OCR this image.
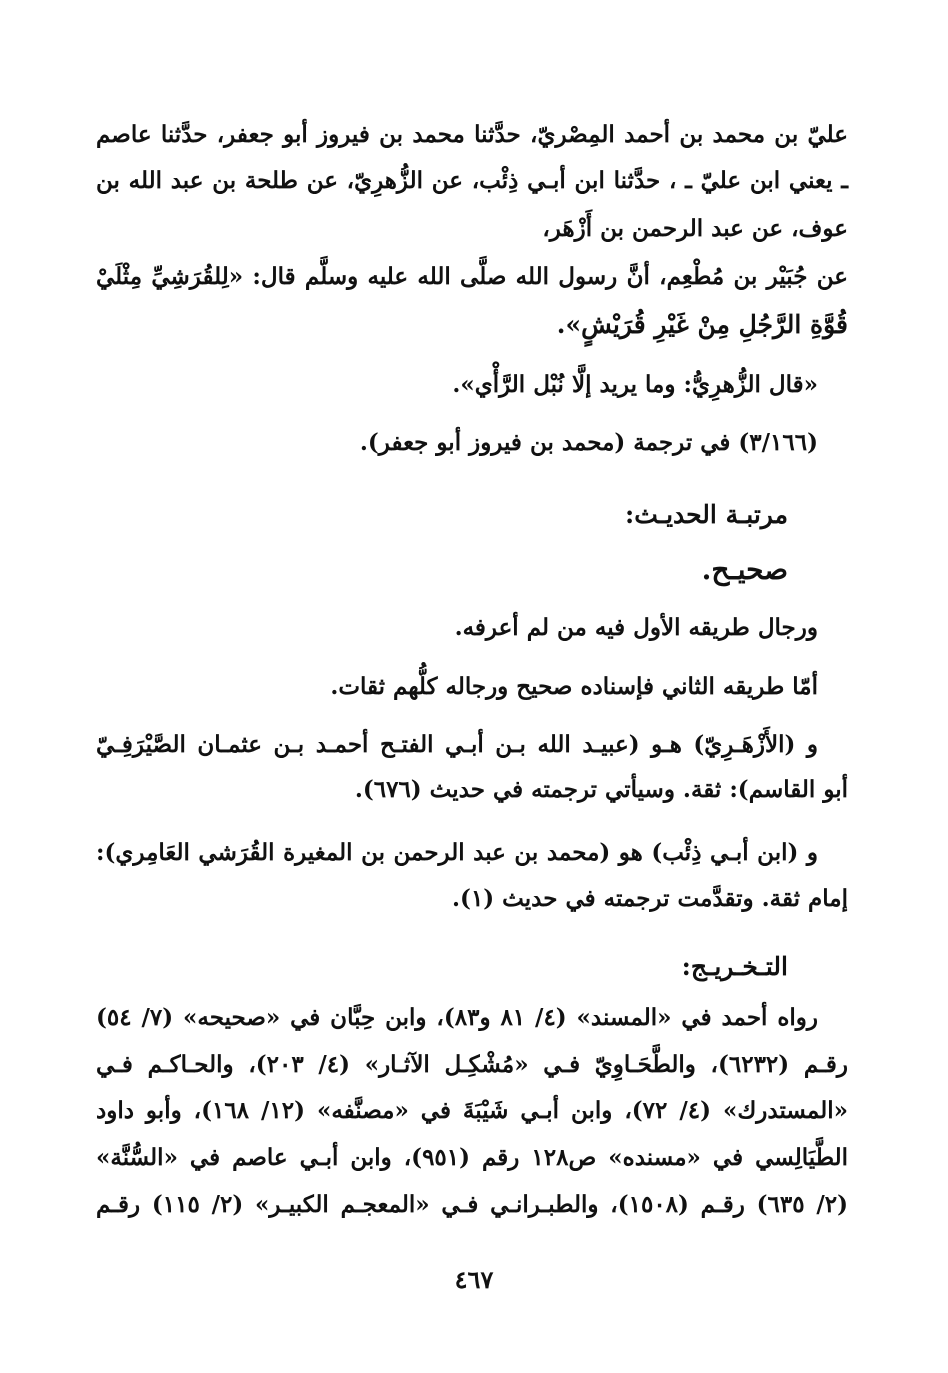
عليّ بن محمد بن أحمد المِصْريّ، حدَّثنا محمد بن فيروز أبو جعفر، حدَّثنا عاصم
ـ يعني ابن عليّ ـ ، حدَّثنا ابن أبـي ذِئْب، عن الزُّهرِيّ، عن طلحة بن عبد الله بن
عوف، عن عبد الرحمن بن أَزْهَر،
عن جُبَيْر بن مُطْعِم، أنَّ رسول الله صلَّى الله عليه وسلَّم قال: «لِلقُرَشِيِّ مِثْلَيْ
قُوَّةِ الرَّجُلِ مِنْ غَيْرِ قُرَيْشٍ».
«قال الزُّهرِيُّ: وما يريد إلَّا نُبْل الرَّأْي».
(٣/١٦٦) في ترجمة (محمد بن فيروز أبو جعفر).
مرتبـة الحديـث:
صحيـح.
ورجال طريقه الأول فيه من لم أعرفه.
أمّا طريقه الثاني فإسناده صحيح ورجاله كلُّهم ثقات.
و (الأَزْهَـرِيّ) هـو (عبيـد الله بـن أبـي الفتـح أحمـد بـن عثمـان الصَّيْرَفِـيّ
أبو القاسم): ثقة. وسيأتي ترجمته في حديث (٦٧٦).
و (ابن أبـي ذِئْب) هو (محمد بن عبد الرحمن بن المغيرة القُرَشي العَامِري):
إمام ثقة. وتقدَّمت ترجمته في حديث (١).
التـخـريـج:
رواه أحمد في «المسند» (٤/ ٨١ و٨٣)، وابن حِبَّان في «صحيحه» (٧/ ٥٤)
رقـم (٦٢٣٢)، والطَّحَـاوِيّ فـي «مُشْكِـل الآثـار» (٤/ ٢٠٣)، والحـاكـم فـي
«المستدرك» (٤/ ٧٢)، وابن أبـي شَيْبَةَ في «مصنَّفه» (١٢/ ١٦٨)، وأبو داود
الطَّيَالِسي في «مسنده» ص١٢٨ رقم (٩٥١)، وابن أبـي عاصم في «السُّنَّة»
(٢/ ٦٣٥) رقـم (١٥٠٨)، والطبـرانـي فـي «المعجـم الكبيـر» (٢/ ١١٥) رقـم
٤٦٧
